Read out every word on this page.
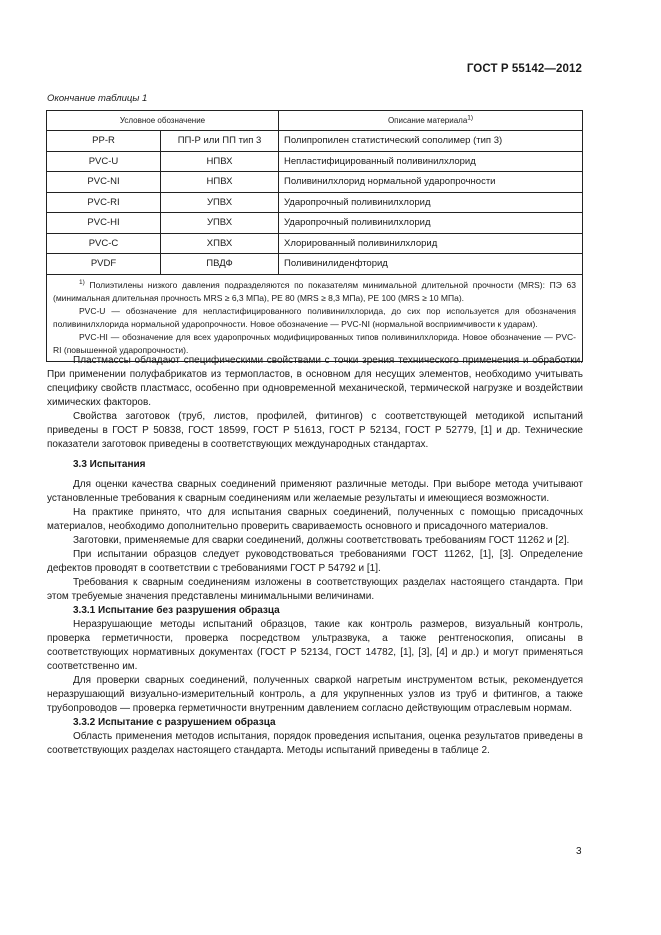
ГОСТ Р 55142—2012
Окончание таблицы 1
Условное обозначение		Описание материала$^{1)}$
PP-R	ПП-Р или ПП тип 3	Полипропилен статистический сополимер (тип 3)
PVC-U	НПВХ	Непластифицированный поливинилхлорид
PVC-NI	НПВХ	Поливинилхлорид нормальной ударопрочности
PVC-RI	УПВХ	Ударопрочный поливинилхлорид
PVC-HI	УПВХ	Ударопрочный поливинилхлорид
PVC-C	ХПВХ	Хлорированный поливинилхлорид
PVDF	ПВДФ	Поливинилиденфторид

$^{1)}$ Полиэтилены низкого давления подразделяются по показателям минимальной длительной прочности (MRS): ПЭ 63 (минимальная длительная прочность MRS ≥ 6,3 МПа), PE 80 (MRS ≥ 8,3 МПа), PE 100 (MRS ≥ 10 МПа).

PVC-U — обозначение для непластифицированного поливинилхлорида, до сих пор используется для обозначения поливинилхлорида нормальной ударопрочности. Новое обозначение — PVC-NI (нормальной восприимчивости к ударам).

PVC-HI — обозначение для всех ударопрочных модифицированных типов поливинилхлорида. Новое обозначение — PVC-RI (повышенной ударопрочности).		

Пластмассы обладают специфическими свойствами с точки зрения технического применения и обработки. При применении полуфабрикатов из термопластов, в основном для несущих элементов, необходимо учитывать специфику свойств пластмасс, особенно при одновременной механической, термической нагрузке и воздействии химических факторов.

Свойства заготовок (труб, листов, профилей, фитингов) с соответствующей методикой испытаний приведены в ГОСТ Р 50838, ГОСТ 18599, ГОСТ Р 51613, ГОСТ Р 52134, ГОСТ Р 52779, [1] и др. Технические показатели заготовок приведены в соответствующих международных стандартах.

3.3 Испытания

Для оценки качества сварных соединений применяют различные методы. При выборе метода учитывают установленные требования к сварным соединениям или желаемые результаты и имеющиеся возможности.

На практике принято, что для испытания сварных соединений, полученных с помощью присадочных материалов, необходимо дополнительно проверить свариваемость основного и присадочного материалов.

Заготовки, применяемые для сварки соединений, должны соответствовать требованиям ГОСТ 11262 и [2].

При испытании образцов следует руководствоваться требованиями ГОСТ 11262, [1], [3]. Определение дефектов проводят в соответствии с требованиями ГОСТ Р 54792 и [1].

Требования к сварным соединениям изложены в соответствующих разделах настоящего стандарта. При этом требуемые значения представлены минимальными величинами.

3.3.1 Испытание без разрушения образца

Неразрушающие методы испытаний образцов, такие как контроль размеров, визуальный контроль, проверка герметичности, проверка посредством ультразвука, а также рентгеноскопия, описаны в соответствующих нормативных документах (ГОСТ Р 52134, ГОСТ 14782, [1], [3], [4] и др.) и могут применяться соответственно им.

Для проверки сварных соединений, полученных сваркой нагретым инструментом встык, рекомендуется неразрушающий визуально-измерительный контроль, а для укрупненных узлов из труб и фитингов, а также трубопроводов — проверка герметичности внутренним давлением согласно действующим отраслевым нормам.

3.3.2 Испытание с разрушением образца

Область применения методов испытания, порядок проведения испытания, оценка результатов приведены в соответствующих разделах настоящего стандарта. Методы испытаний приведены в таблице 2.

3
